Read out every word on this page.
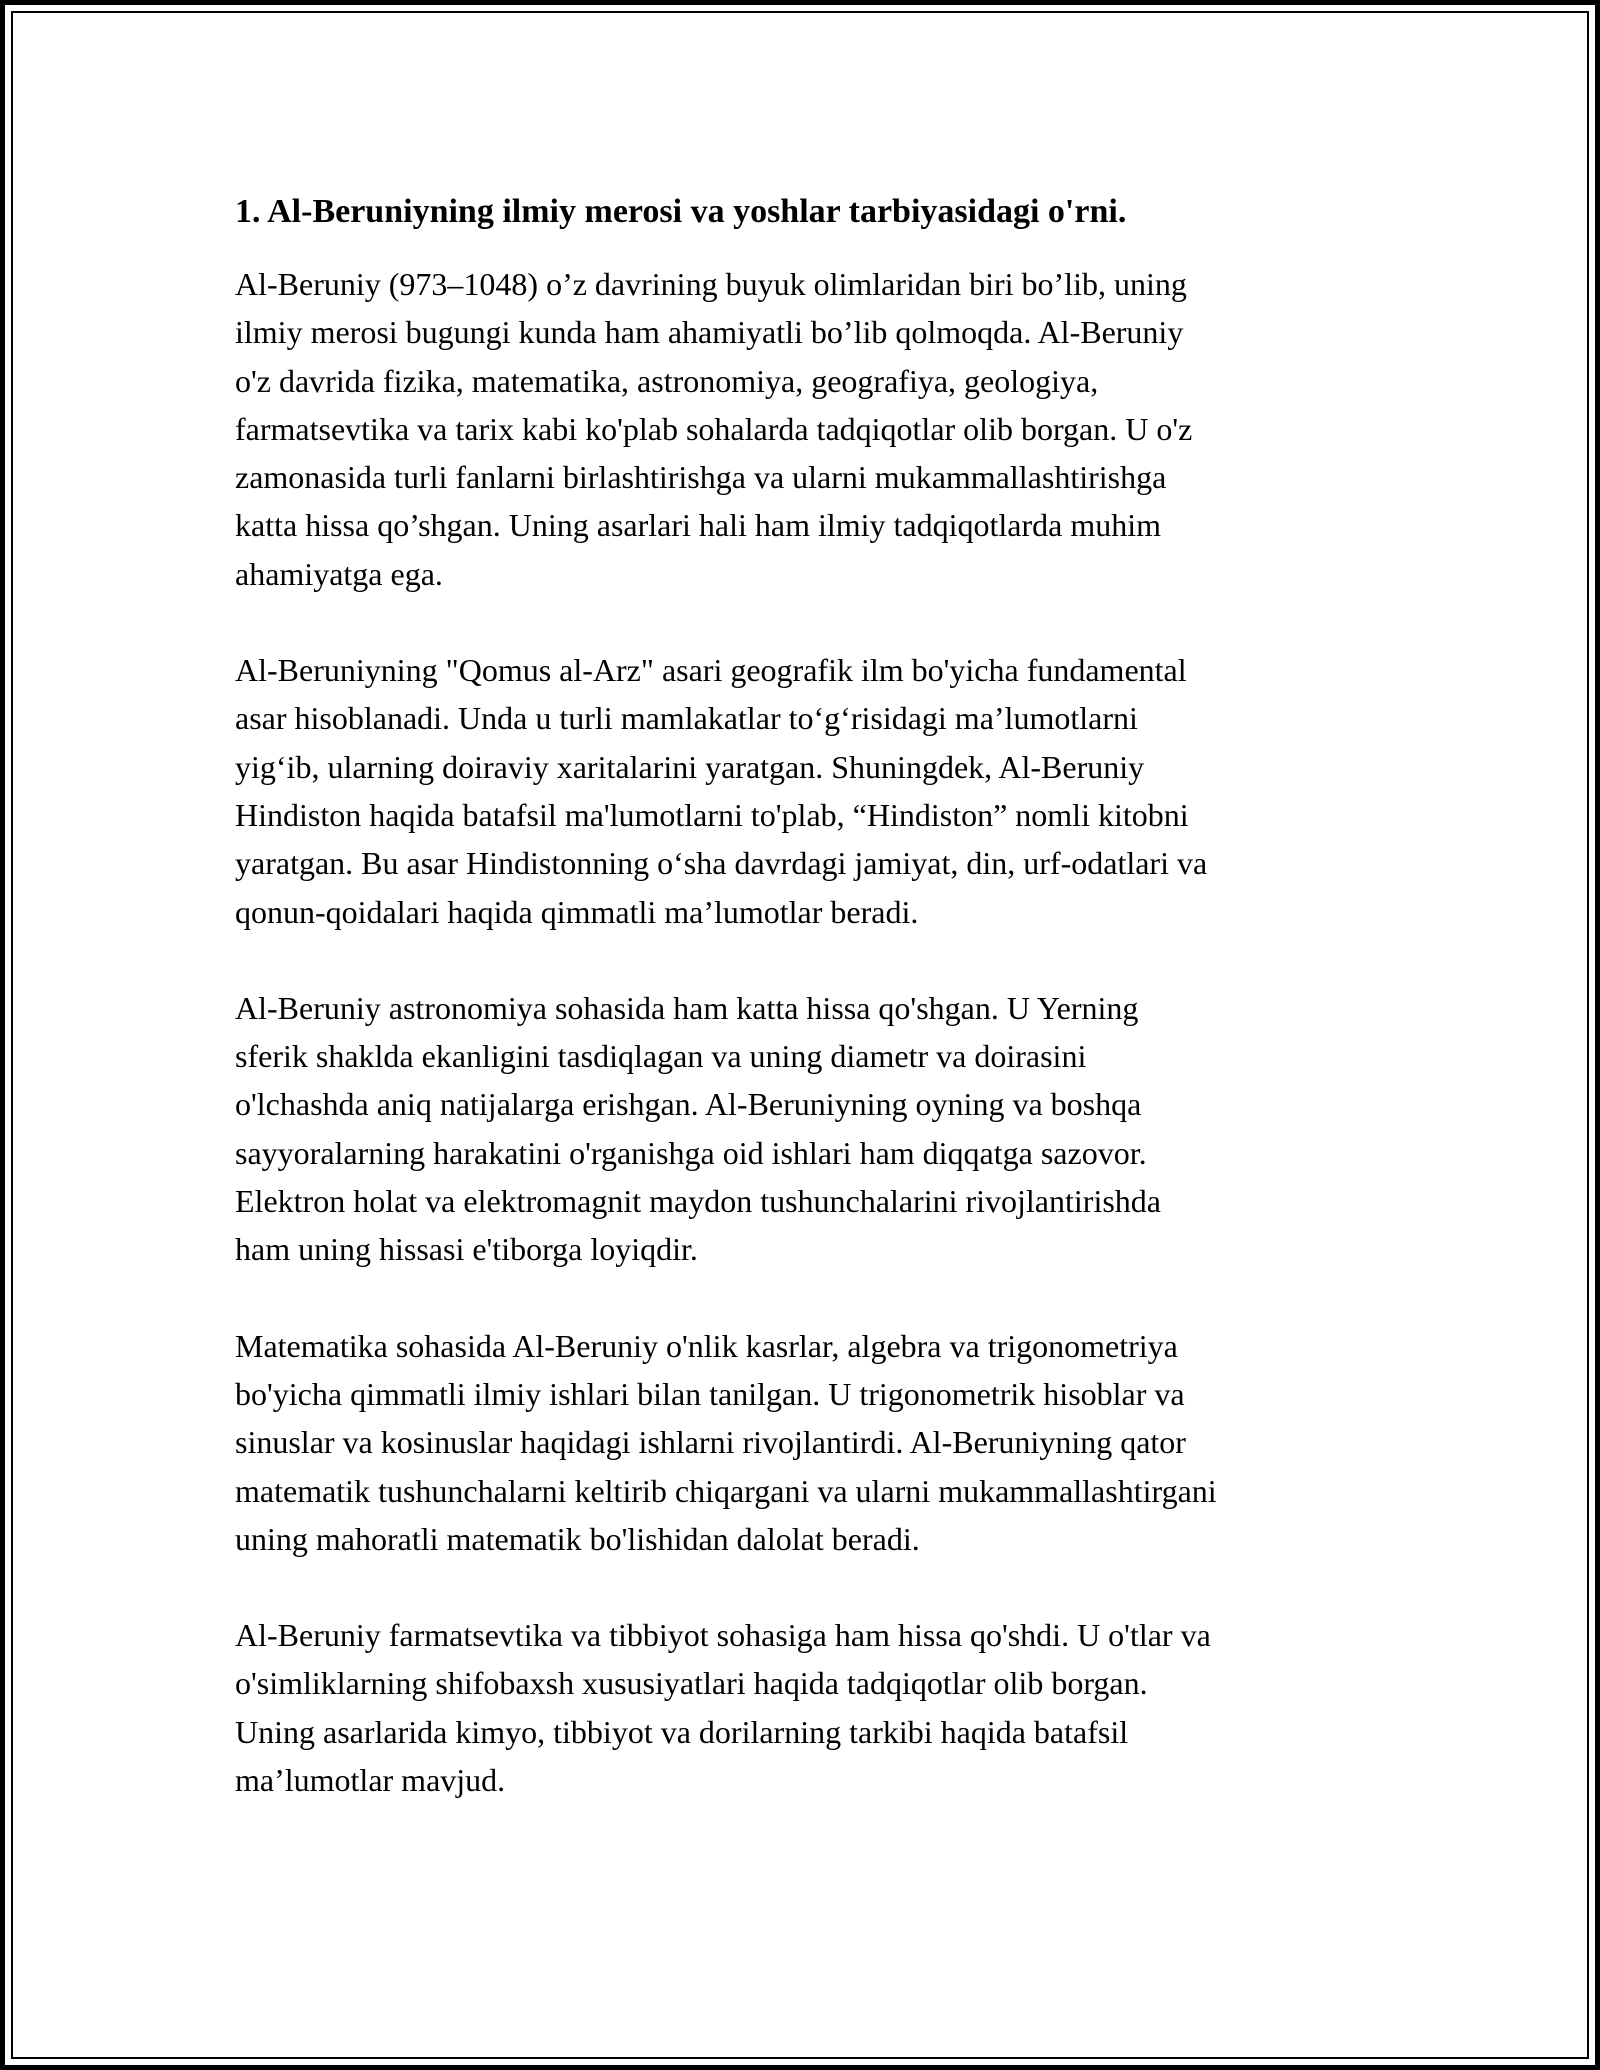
1. Al-Beruniyning ilmiy merosi va yoshlar tarbiyasidagi o'rni.

Al-Beruniy (973–1048) o’z davrining buyuk olimlaridan biri bo’lib, uning
ilmiy merosi bugungi kunda ham ahamiyatli bo’lib qolmoqda. Al-Beruniy
o'z davrida fizika, matematika, astronomiya, geografiya, geologiya,
farmatsevtika va tarix kabi ko'plab sohalarda tadqiqotlar olib borgan. U o'z
zamonasida turli fanlarni birlashtirishga va ularni mukammallashtirishga
katta hissa qo’shgan. Uning asarlari hali ham ilmiy tadqiqotlarda muhim
ahamiyatga ega.

Al-Beruniyning "Qomus al-Arz" asari geografik ilm bo'yicha fundamental
asar hisoblanadi. Unda u turli mamlakatlar to‘g‘risidagi ma’lumotlarni
yig‘ib, ularning doiraviy xaritalarini yaratgan. Shuningdek, Al-Beruniy
Hindiston haqida batafsil ma'lumotlarni to'plab, “Hindiston” nomli kitobni
yaratgan. Bu asar Hindistonning o‘sha davrdagi jamiyat, din, urf-odatlari va
qonun-qoidalari haqida qimmatli ma’lumotlar beradi.

Al-Beruniy astronomiya sohasida ham katta hissa qo'shgan. U Yerning
sferik shaklda ekanligini tasdiqlagan va uning diametr va doirasini
o'lchashda aniq natijalarga erishgan. Al-Beruniyning oyning va boshqa
sayyoralarning harakatini o'rganishga oid ishlari ham diqqatga sazovor.
Elektron holat va elektromagnit maydon tushunchalarini rivojlantirishda
ham uning hissasi e'tiborga loyiqdir.

Matematika sohasida Al-Beruniy o'nlik kasrlar, algebra va trigonometriya
bo'yicha qimmatli ilmiy ishlari bilan tanilgan. U trigonometrik hisoblar va
sinuslar va kosinuslar haqidagi ishlarni rivojlantirdi. Al-Beruniyning qator
matematik tushunchalarni keltirib chiqargani va ularni mukammallashtirgani
uning mahoratli matematik bo'lishidan dalolat beradi.

Al-Beruniy farmatsevtika va tibbiyot sohasiga ham hissa qo'shdi. U o'tlar va
o'simliklarning shifobaxsh xususiyatlari haqida tadqiqotlar olib borgan.
Uning asarlarida kimyo, tibbiyot va dorilarning tarkibi haqida batafsil
ma’lumotlar mavjud.
